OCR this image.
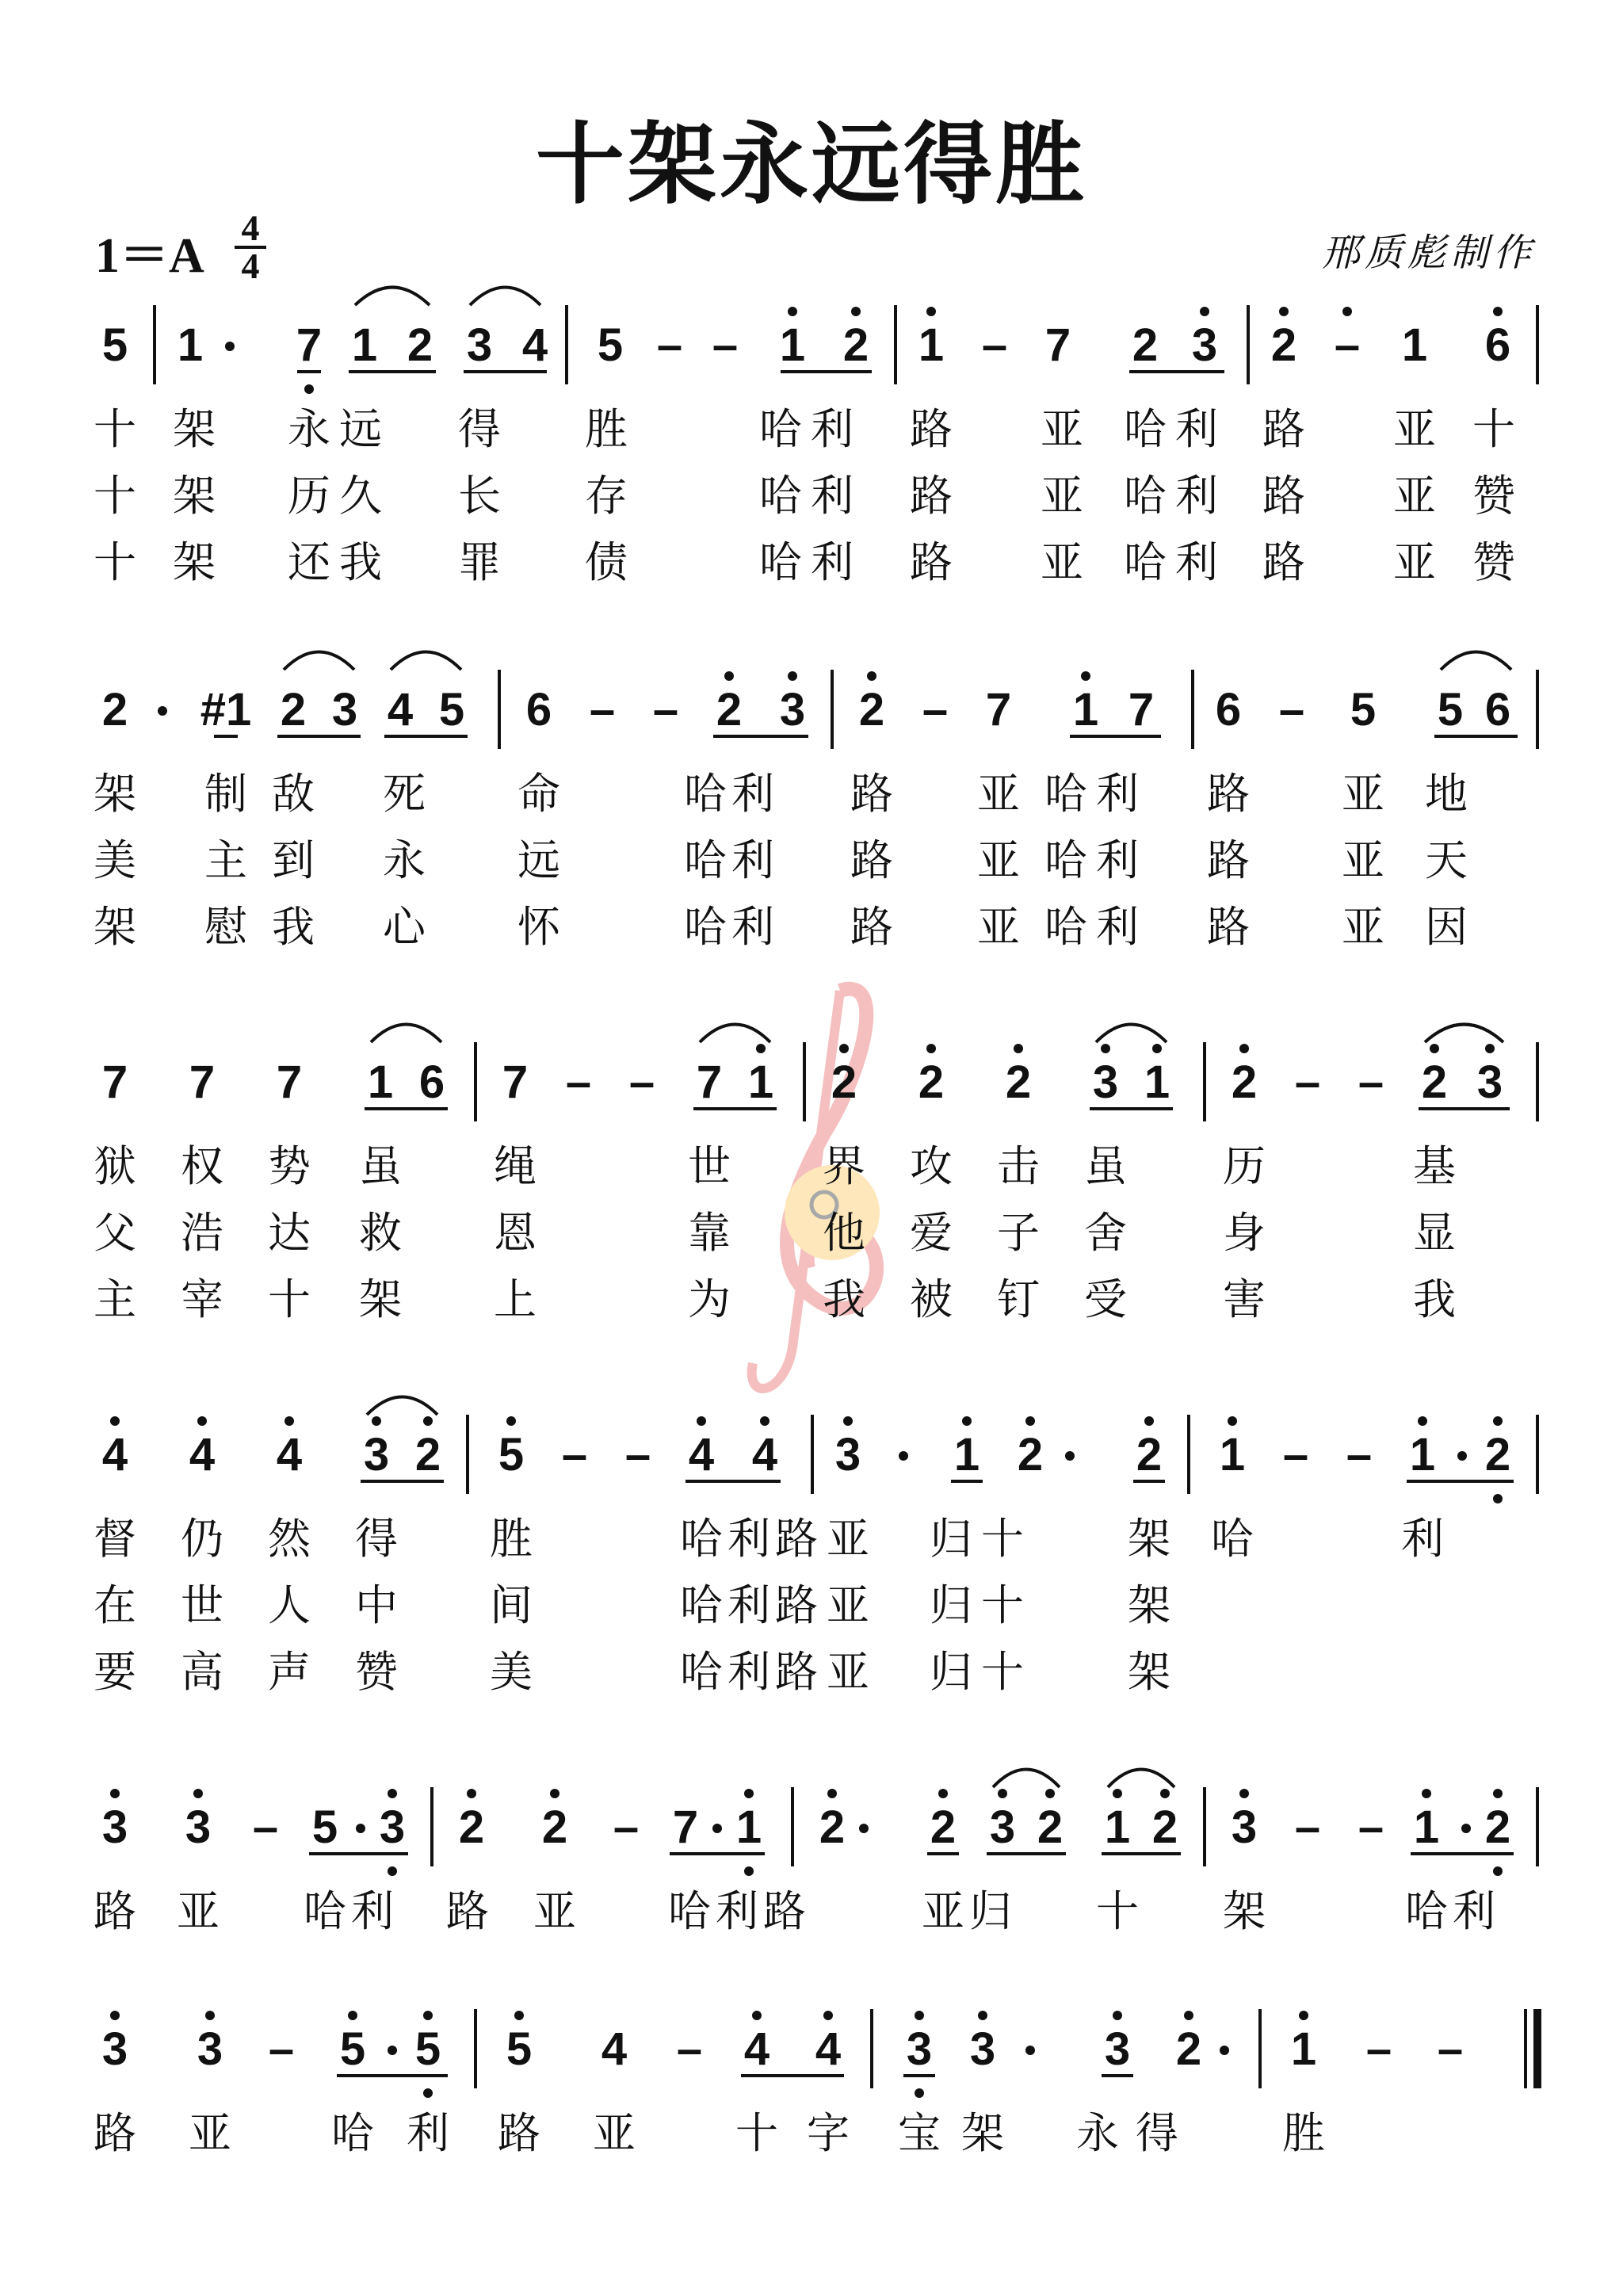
十架永远得胜
1＝A
4
4	邢质彪制作
5 1 7 1 2 3 4 5 – – 1 2 1 – 7 2 3 2 – 1 6
十 架 永 远 得 胜	哈 利 路 亚 哈 利 路 亚 十
十 架 历 久 长 存	哈 利 路 亚 哈 利 路 亚 赞
十 架 还 我 罪 债	哈 利 路 亚 哈 利 路 亚 赞
2 #1 2 3 4 5 6 – – 2 3 2 – 7 1 7 6 – 5 5 6
架 制 敌 死 命	哈 利 路 亚 哈 利 路 亚 地
美 主 到 永 远	哈 利 路 亚 哈 利 路 亚 天
架 慰 我 心 怀	哈 利 路 亚 哈 利 路 亚 因
7 7 7 1 6 7 – – 7 1 2 2 2 3 1 2 – – 2 3
狱 权 势 虽 绳	世 界 攻 击 虽 历	基
父 浩 达 救 恩	靠 他 爱 子 舍 身	显
主 宰 十 架 上	为 我 被 钉 受 害	我
4 4 4 3 2 5 – – 4 4 3 1 2 2 1 – – 1 2
督 仍 然 得 胜	哈 利 路 亚 归 十 架 哈	利
在 世 人 中 间	哈 利 路 亚 归 十 架
要 高 声 赞 美	哈 利 路 亚 归 十 架
3 3 – 5 3 2 2 – 7 1 2 2 3 2 1 2 3 – – 1 2
路 亚 哈 利 路 亚 哈 利 路	亚 归 十 架	哈 利
3 3 – 5 5 5 4 – 4 4 3 3 3 2 1 – –
路 亚 哈 利 路 亚 十 字 宝 架 永 得 胜
